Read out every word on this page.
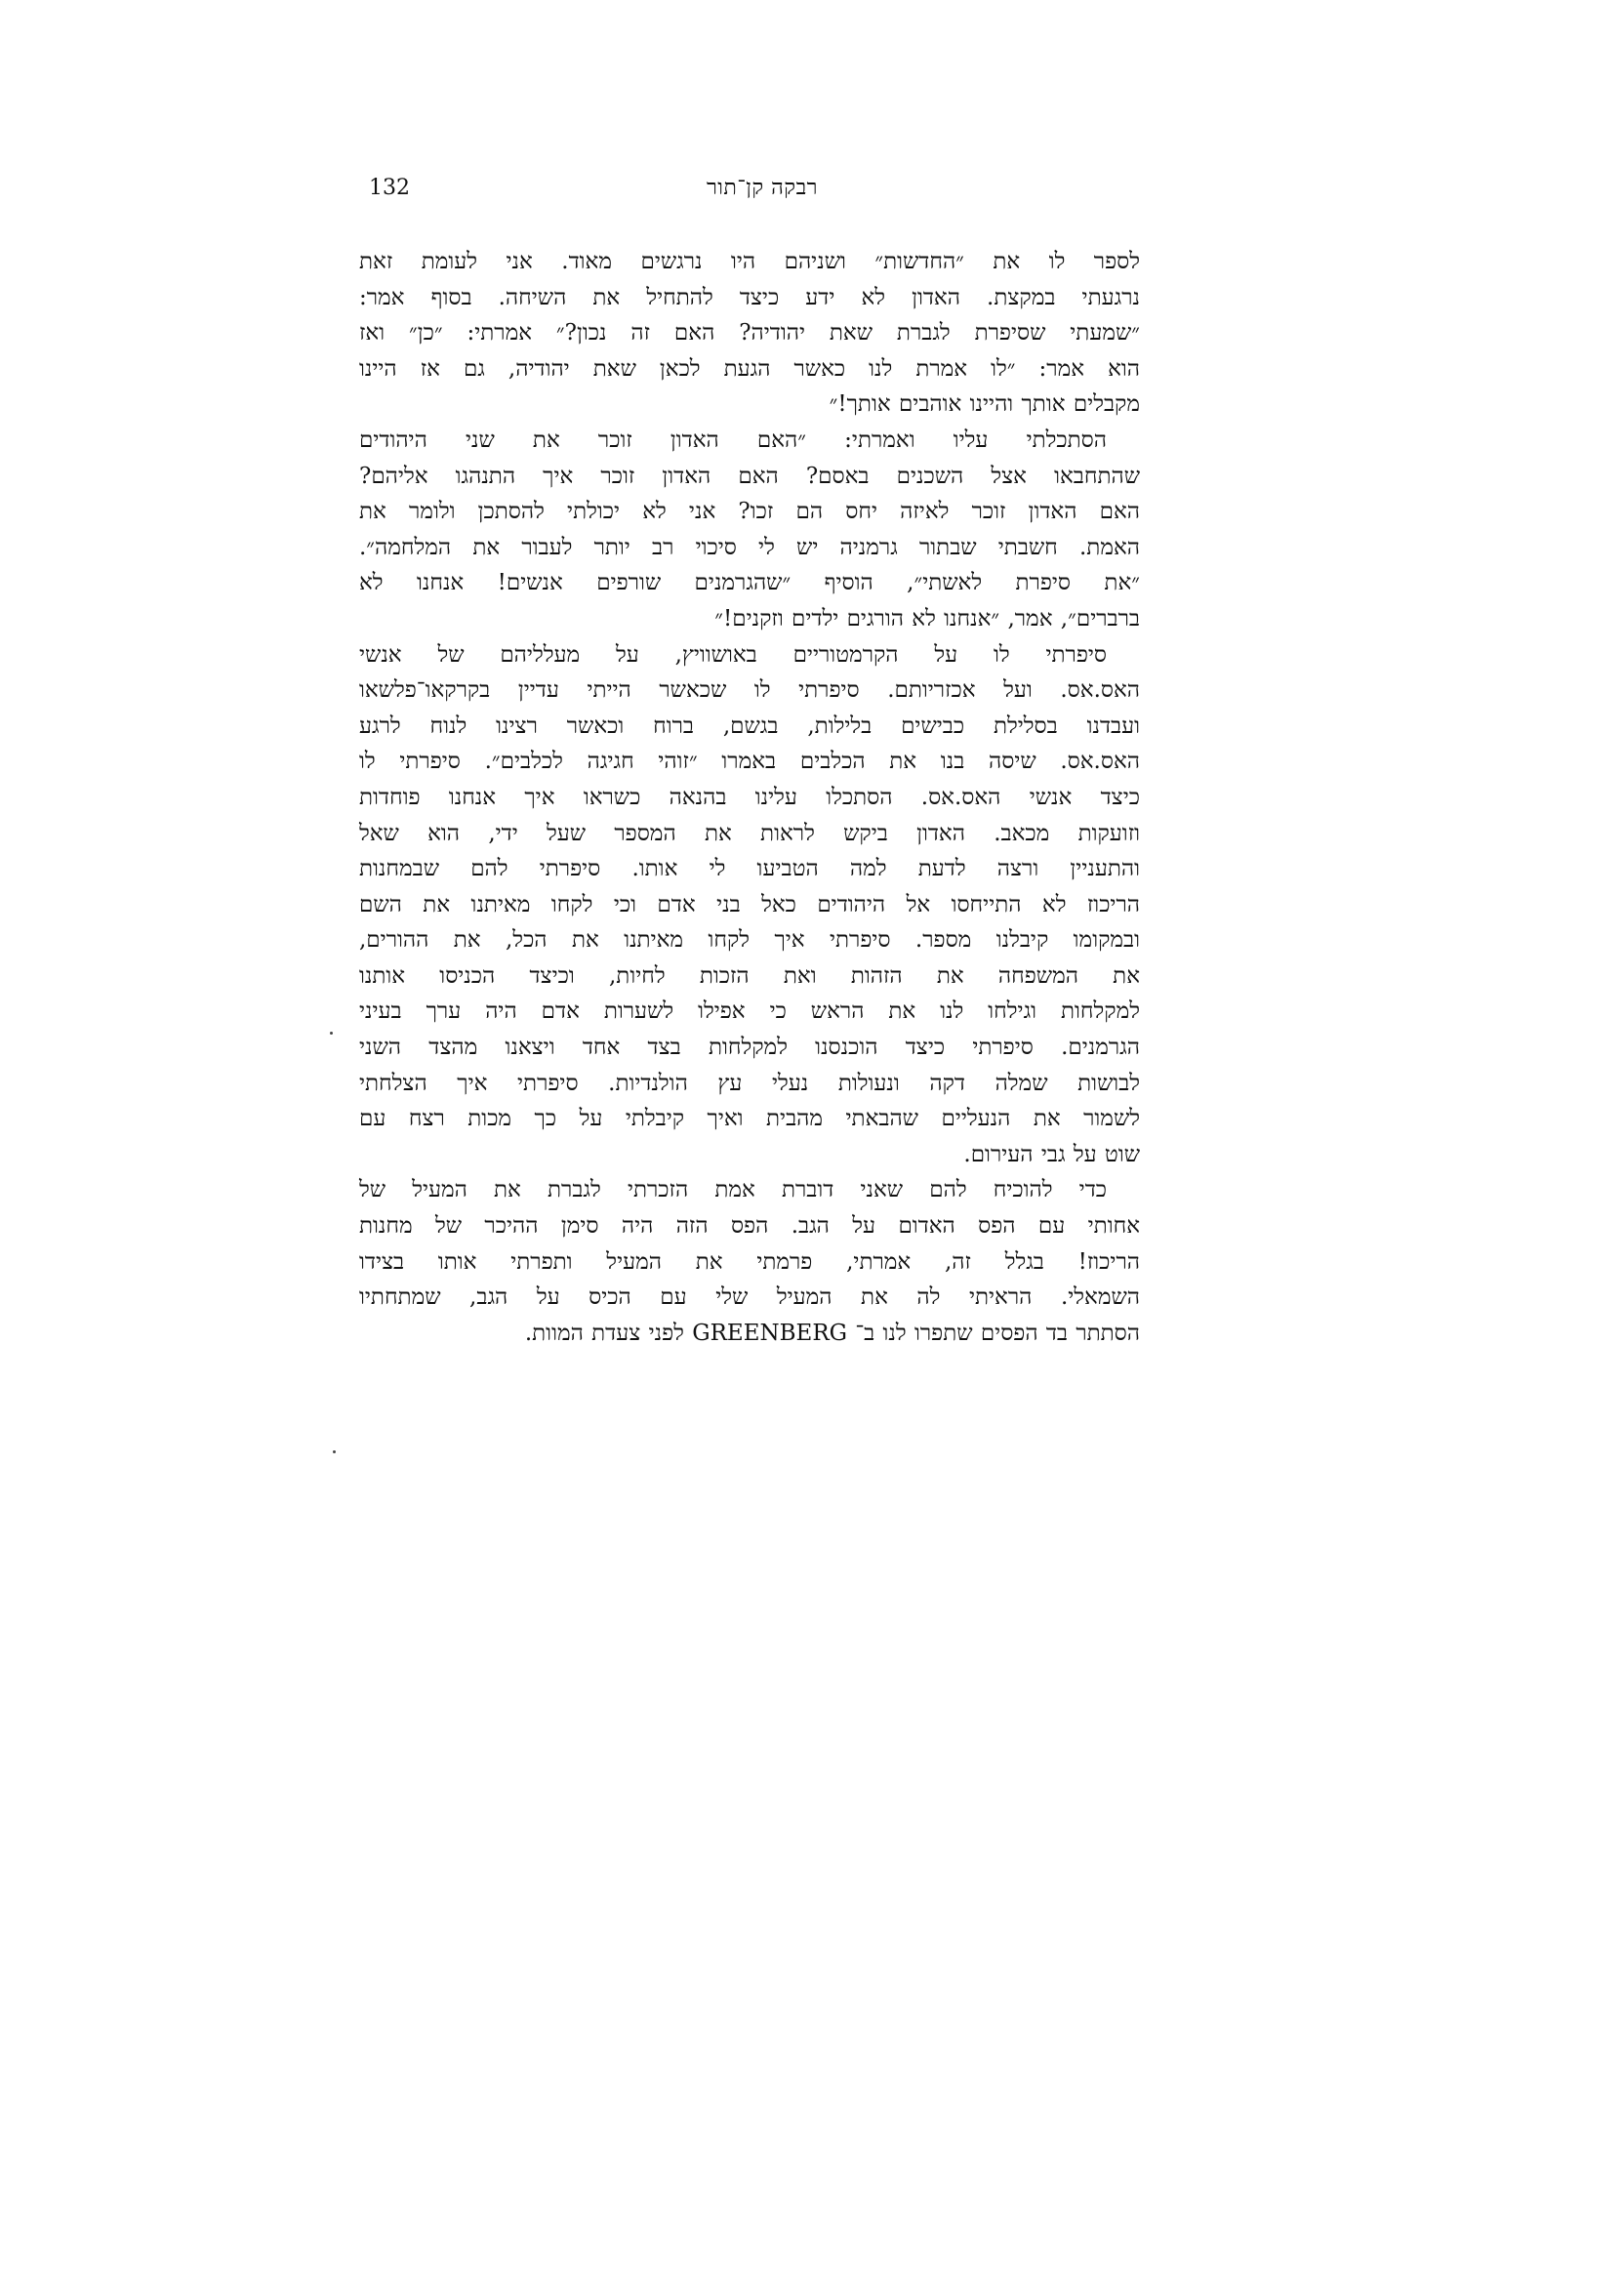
רבקה קן־תור
132

לספר לו את ״החדשות״ ושניהם היו נרגשים מאוד. אני לעומת זאת
נרגעתי במקצת. האדון לא ידע כיצד להתחיל את השיחה. בסוף אמר:
״שמעתי שסיפרת לגברת שאת יהודיה? האם זה נכון?״ אמרתי: ״כן״ ואז
הוא אמר: ״לו אמרת לנו כאשר הגעת לכאן שאת יהודיה, גם אז היינו
מקבלים אותך והיינו אוהבים אותך!״

הסתכלתי עליו ואמרתי: ״האם האדון זוכר את שני היהודים
שהתחבאו אצל השכנים באסם? האם האדון זוכר איך התנהגו אליהם?
האם האדון זוכר לאיזה יחס הם זכו? אני לא יכולתי להסתכן ולומר את
האמת. חשבתי שבתור גרמניה יש לי סיכוי רב יותר לעבור את המלחמה״.
״את סיפרת לאשתי״, הוסיף ״שהגרמנים שורפים אנשים! אנחנו לא
ברברים״, אמר, ״אנחנו לא הורגים ילדים וזקנים!״

סיפרתי לו על הקרמטוריים באושוויץ, על מעלליהם של אנשי
האס.אס. ועל אכזריותם. סיפרתי לו שכאשר הייתי עדיין בקרקאו־פלשאו
ועבדנו בסלילת כבישים בלילות, בגשם, ברוח וכאשר רצינו לנוח לרגע
האס.אס. שיסה בנו את הכלבים באמרו ״זוהי חגיגה לכלבים״. סיפרתי לו
כיצד אנשי האס.אס. הסתכלו עלינו בהנאה כשראו איך אנחנו פוחדות
וזועקות מכאב. האדון ביקש לראות את המספר שעל ידי, הוא שאל
והתעניין ורצה לדעת למה הטביעו לי אותו. סיפרתי להם שבמחנות
הריכוז לא התייחסו אל היהודים כאל בני אדם וכי לקחו מאיתנו את השם
ובמקומו קיבלנו מספר. סיפרתי איך לקחו מאיתנו את הכל, את ההורים,
את המשפחה את הזהות ואת הזכות לחיות, וכיצד הכניסו אותנו
למקלחות וגילחו לנו את הראש כי אפילו לשערות אדם היה ערך בעיני
הגרמנים. סיפרתי כיצד הוכנסנו למקלחות בצד אחד ויצאנו מהצד השני
לבושות שמלה דקה ונעולות נעלי עץ הולנדיות. סיפרתי איך הצלחתי
לשמור את הנעליים שהבאתי מהבית ואיך קיבלתי על כך מכות רצח עם
שוט על גבי העירום.

כדי להוכיח להם שאני דוברת אמת הזכרתי לגברת את המעיל של
אחותי עם הפס האדום על הגב. הפס הזה היה סימן ההיכר של מחנות
הריכוז! בגלל זה, אמרתי, פרמתי את המעיל ותפרתי אותו בצידו
השמאלי. הראיתי לה את המעיל שלי עם הכיס על הגב, שמתחתיו
הסתתר בד הפסים שתפרו לנו ב־ GREENBERG לפני צעדת המוות.
